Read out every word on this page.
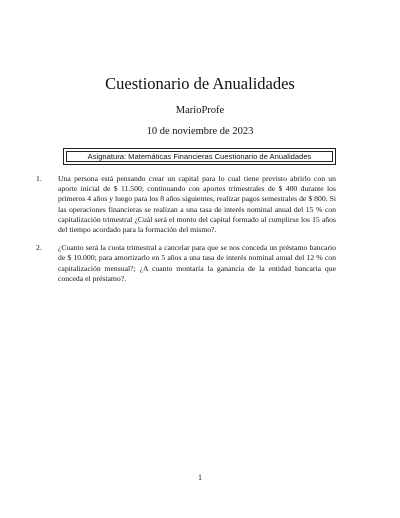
Cuestionario de Anualidades
MarioProfe
10 de noviembre de 2023
Asignatura: Matemáticas Financieras Cuestionario de Anualidades
1. Una persona está pensando crear un capital para lo cual tiene previsto abrirlo con un aporte inicial de $ 11.500; continuando con aportes trimestrales de $ 400 durante los primeros 4 años y luego para los 8 años siguientes, realizar pagos semestrales de $ 800. Si las operaciones financieras se realizan a una tasa de interés nominal anual del 15 % con capitalización trimestral ¿Cuál será el monto del capital formado al cumplirse los 15 años del tiempo acordado para la formación del mismo?.
2. ¿Cuanto será la cuota trimestral a cancelar para que se nos conceda un préstamo bancario de $ 10.000; para amortizarlo en 5 años a una tasa de interés nominal anual del 12 % con capitalización mensual?; ¿A cuanto montaría la ganancia de la entidad bancaria que conceda el préstamo?.
1
